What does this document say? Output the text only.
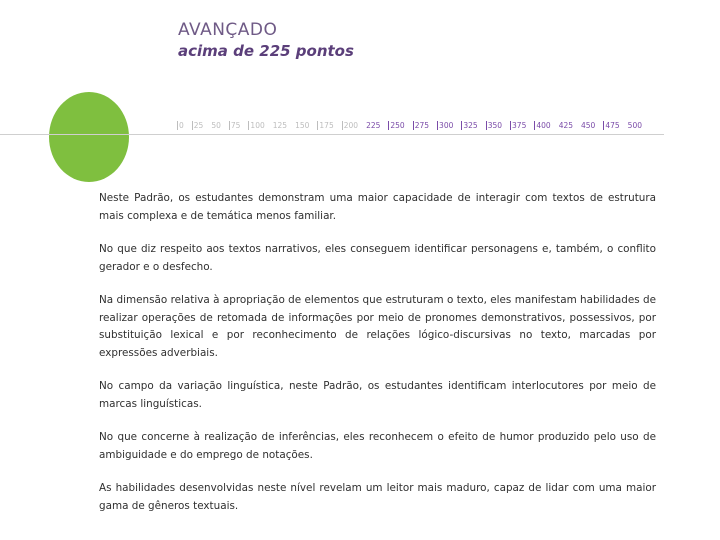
AVANÇADO
acima de 225 pontos
0 25 50 75 100 125 150 175 200 225 250 275 300 325 350 375 400 425 450 475 500

Neste Padrão, os estudantes demonstram uma maior capacidade de interagir com textos de estrutura mais complexa e de temática menos familiar.

No que diz respeito aos textos narrativos, eles conseguem identificar personagens e, também, o conflito gerador e o desfecho.

Na dimensão relativa à apropriação de elementos que estruturam o texto, eles manifestam habilidades de realizar operações de retomada de informações por meio de pronomes demonstrativos, possessivos, por substituição lexical e por reconhecimento de relações lógico-discursivas no texto, marcadas por expressões adverbiais.

No campo da variação linguística, neste Padrão, os estudantes identificam interlocutores por meio de marcas linguísticas.

No que concerne à realização de inferências, eles reconhecem o efeito de humor produzido pelo uso de ambiguidade e do emprego de notações.

As habilidades desenvolvidas neste nível revelam um leitor mais maduro, capaz de lidar com uma maior gama de gêneros textuais.
